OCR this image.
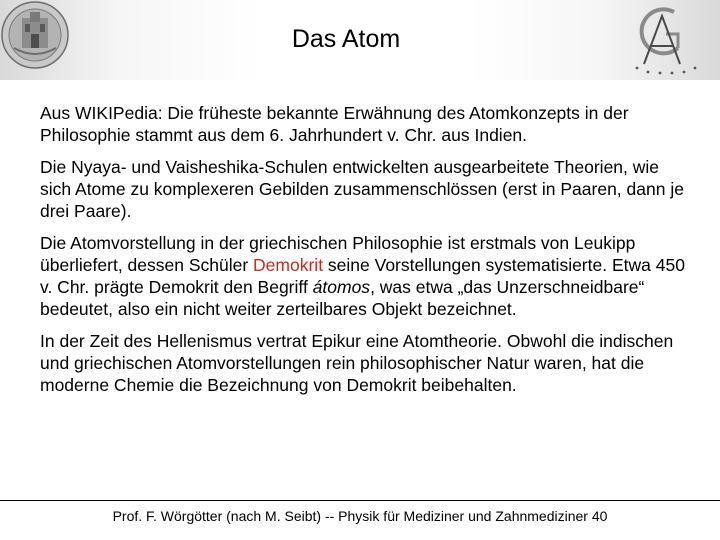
Das Atom

Aus WIKIPedia: Die früheste bekannte Erwähnung des Atomkonzepts in der Philosophie stammt aus dem 6. Jahrhundert v. Chr. aus Indien.

Die Nyaya- und Vaisheshika-Schulen entwickelten ausgearbeitete Theorien, wie sich Atome zu komplexeren Gebilden zusammenschlössen (erst in Paaren, dann je drei Paare).

Die Atomvorstellung in der griechischen Philosophie ist erstmals von Leukipp überliefert, dessen Schüler Demokrit seine Vorstellungen systematisierte. Etwa 450 v. Chr. prägte Demokrit den Begriff átomos, was etwa „das Unzerschneidbare“ bedeutet, also ein nicht weiter zerteilbares Objekt bezeichnet.

In der Zeit des Hellenismus vertrat Epikur eine Atomtheorie. Obwohl die indischen und griechischen Atomvorstellungen rein philosophischer Natur waren, hat die moderne Chemie die Bezeichnung von Demokrit beibehalten.

Prof. F. Wörgötter (nach M. Seibt) -- Physik für Mediziner und Zahnmediziner 40
